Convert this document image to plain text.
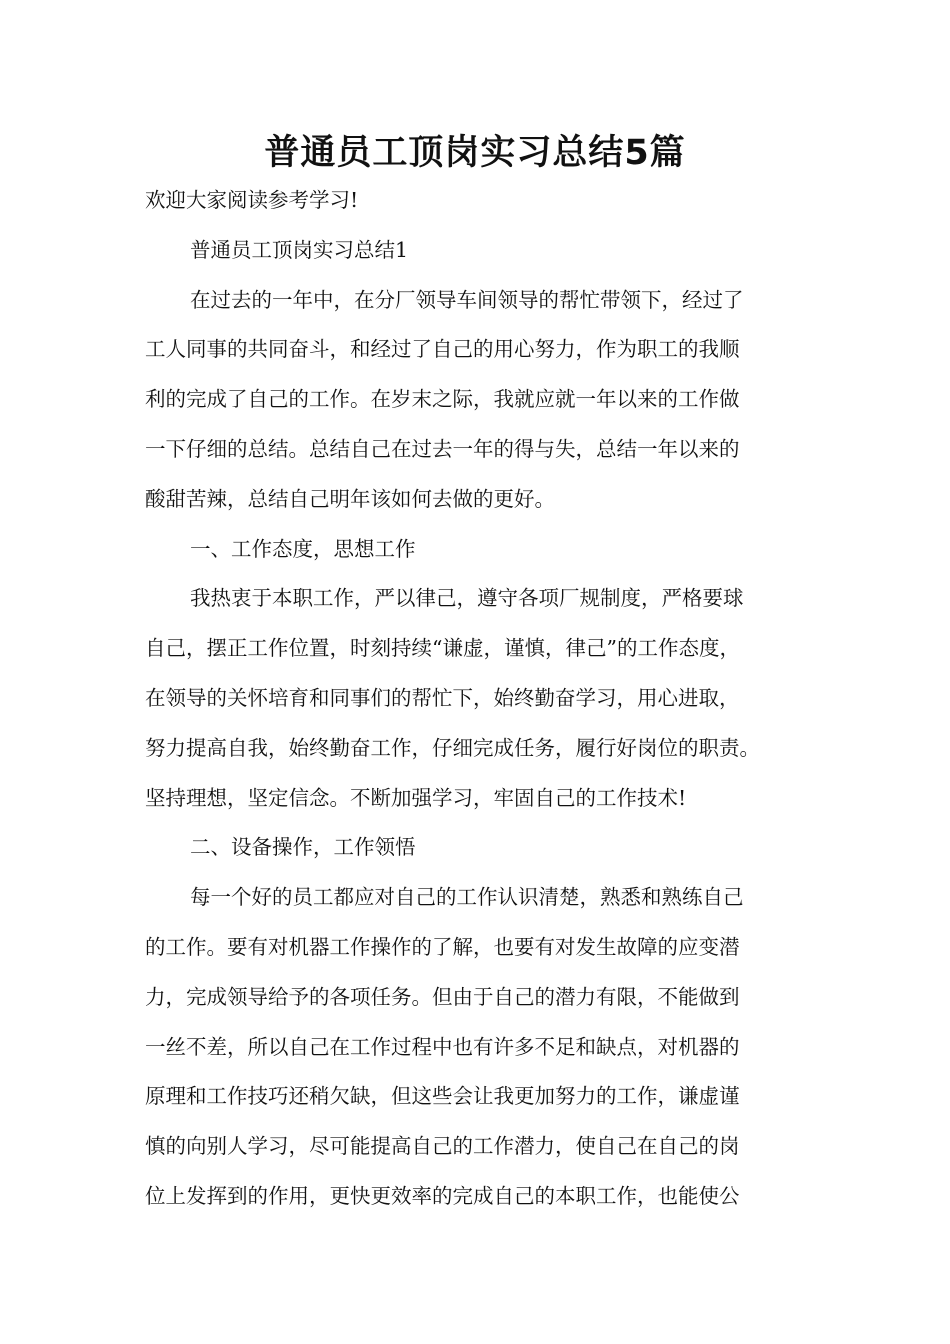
普通员工顶岗实习总结5篇
欢迎大家阅读参考学习!
普通员工顶岗实习总结1
在过去的一年中，在分厂领导车间领导的帮忙带领下，经过了
工人同事的共同奋斗，和经过了自己的用心努力，作为职工的我顺
利的完成了自己的工作。在岁末之际，我就应就一年以来的工作做
一下仔细的总结。总结自己在过去一年的得与失，总结一年以来的
酸甜苦辣，总结自己明年该如何去做的更好。
一、工作态度，思想工作
我热衷于本职工作，严以律己，遵守各项厂规制度，严格要球
自己，摆正工作位置，时刻持续“谦虚，谨慎，律己”的工作态度，
在领导的关怀培育和同事们的帮忙下，始终勤奋学习，用心进取，
努力提高自我，始终勤奋工作，仔细完成任务，履行好岗位的职责。
坚持理想，坚定信念。不断加强学习，牢固自己的工作技术!
二、设备操作，工作领悟
每一个好的员工都应对自己的工作认识清楚，熟悉和熟练自己
的工作。要有对机器工作操作的了解，也要有对发生故障的应变潜
力，完成领导给予的各项任务。但由于自己的潜力有限，不能做到
一丝不差，所以自己在工作过程中也有许多不足和缺点，对机器的
原理和工作技巧还稍欠缺，但这些会让我更加努力的工作，谦虚谨
慎的向别人学习，尽可能提高自己的工作潜力，使自己在自己的岗
位上发挥到的作用，更快更效率的完成自己的本职工作，也能使公
